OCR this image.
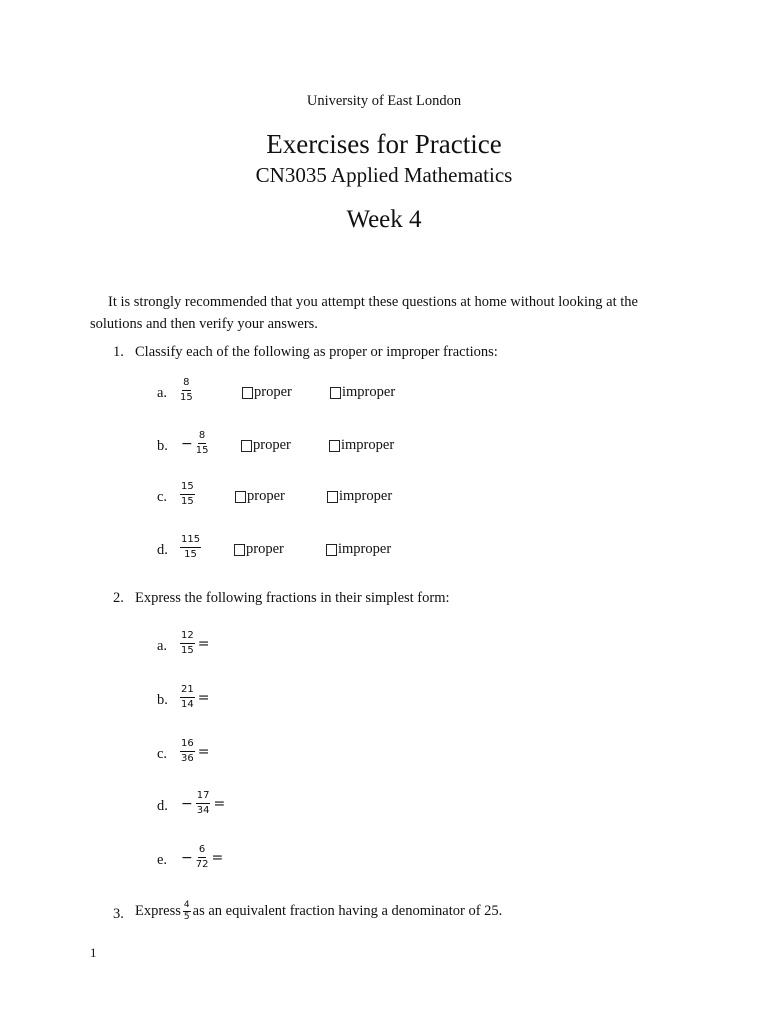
University of East London
Exercises for Practice
CN3035 Applied Mathematics
Week 4
It is strongly recommended that you attempt these questions at home without looking at the solutions and then verify your answers.
1. Classify each of the following as proper or improper fractions:
a. $\frac{8}{15}$	proper	improper
b. − $\frac{8}{15}$	proper	improper
c. $\frac{15}{15}$	proper	improper
d. $\frac{115}{15}$	proper	improper
2. Express the following fractions in their simplest form:
a. $\frac{12}{15}$ =
b. $\frac{21}{14}$ =
c. $\frac{16}{36}$ =
d. − $\frac{17}{34}$ =
e. − $\frac{6}{72}$ =
3. Express $\frac{4}{5}$ as an equivalent fraction having a denominator of 25.
1
